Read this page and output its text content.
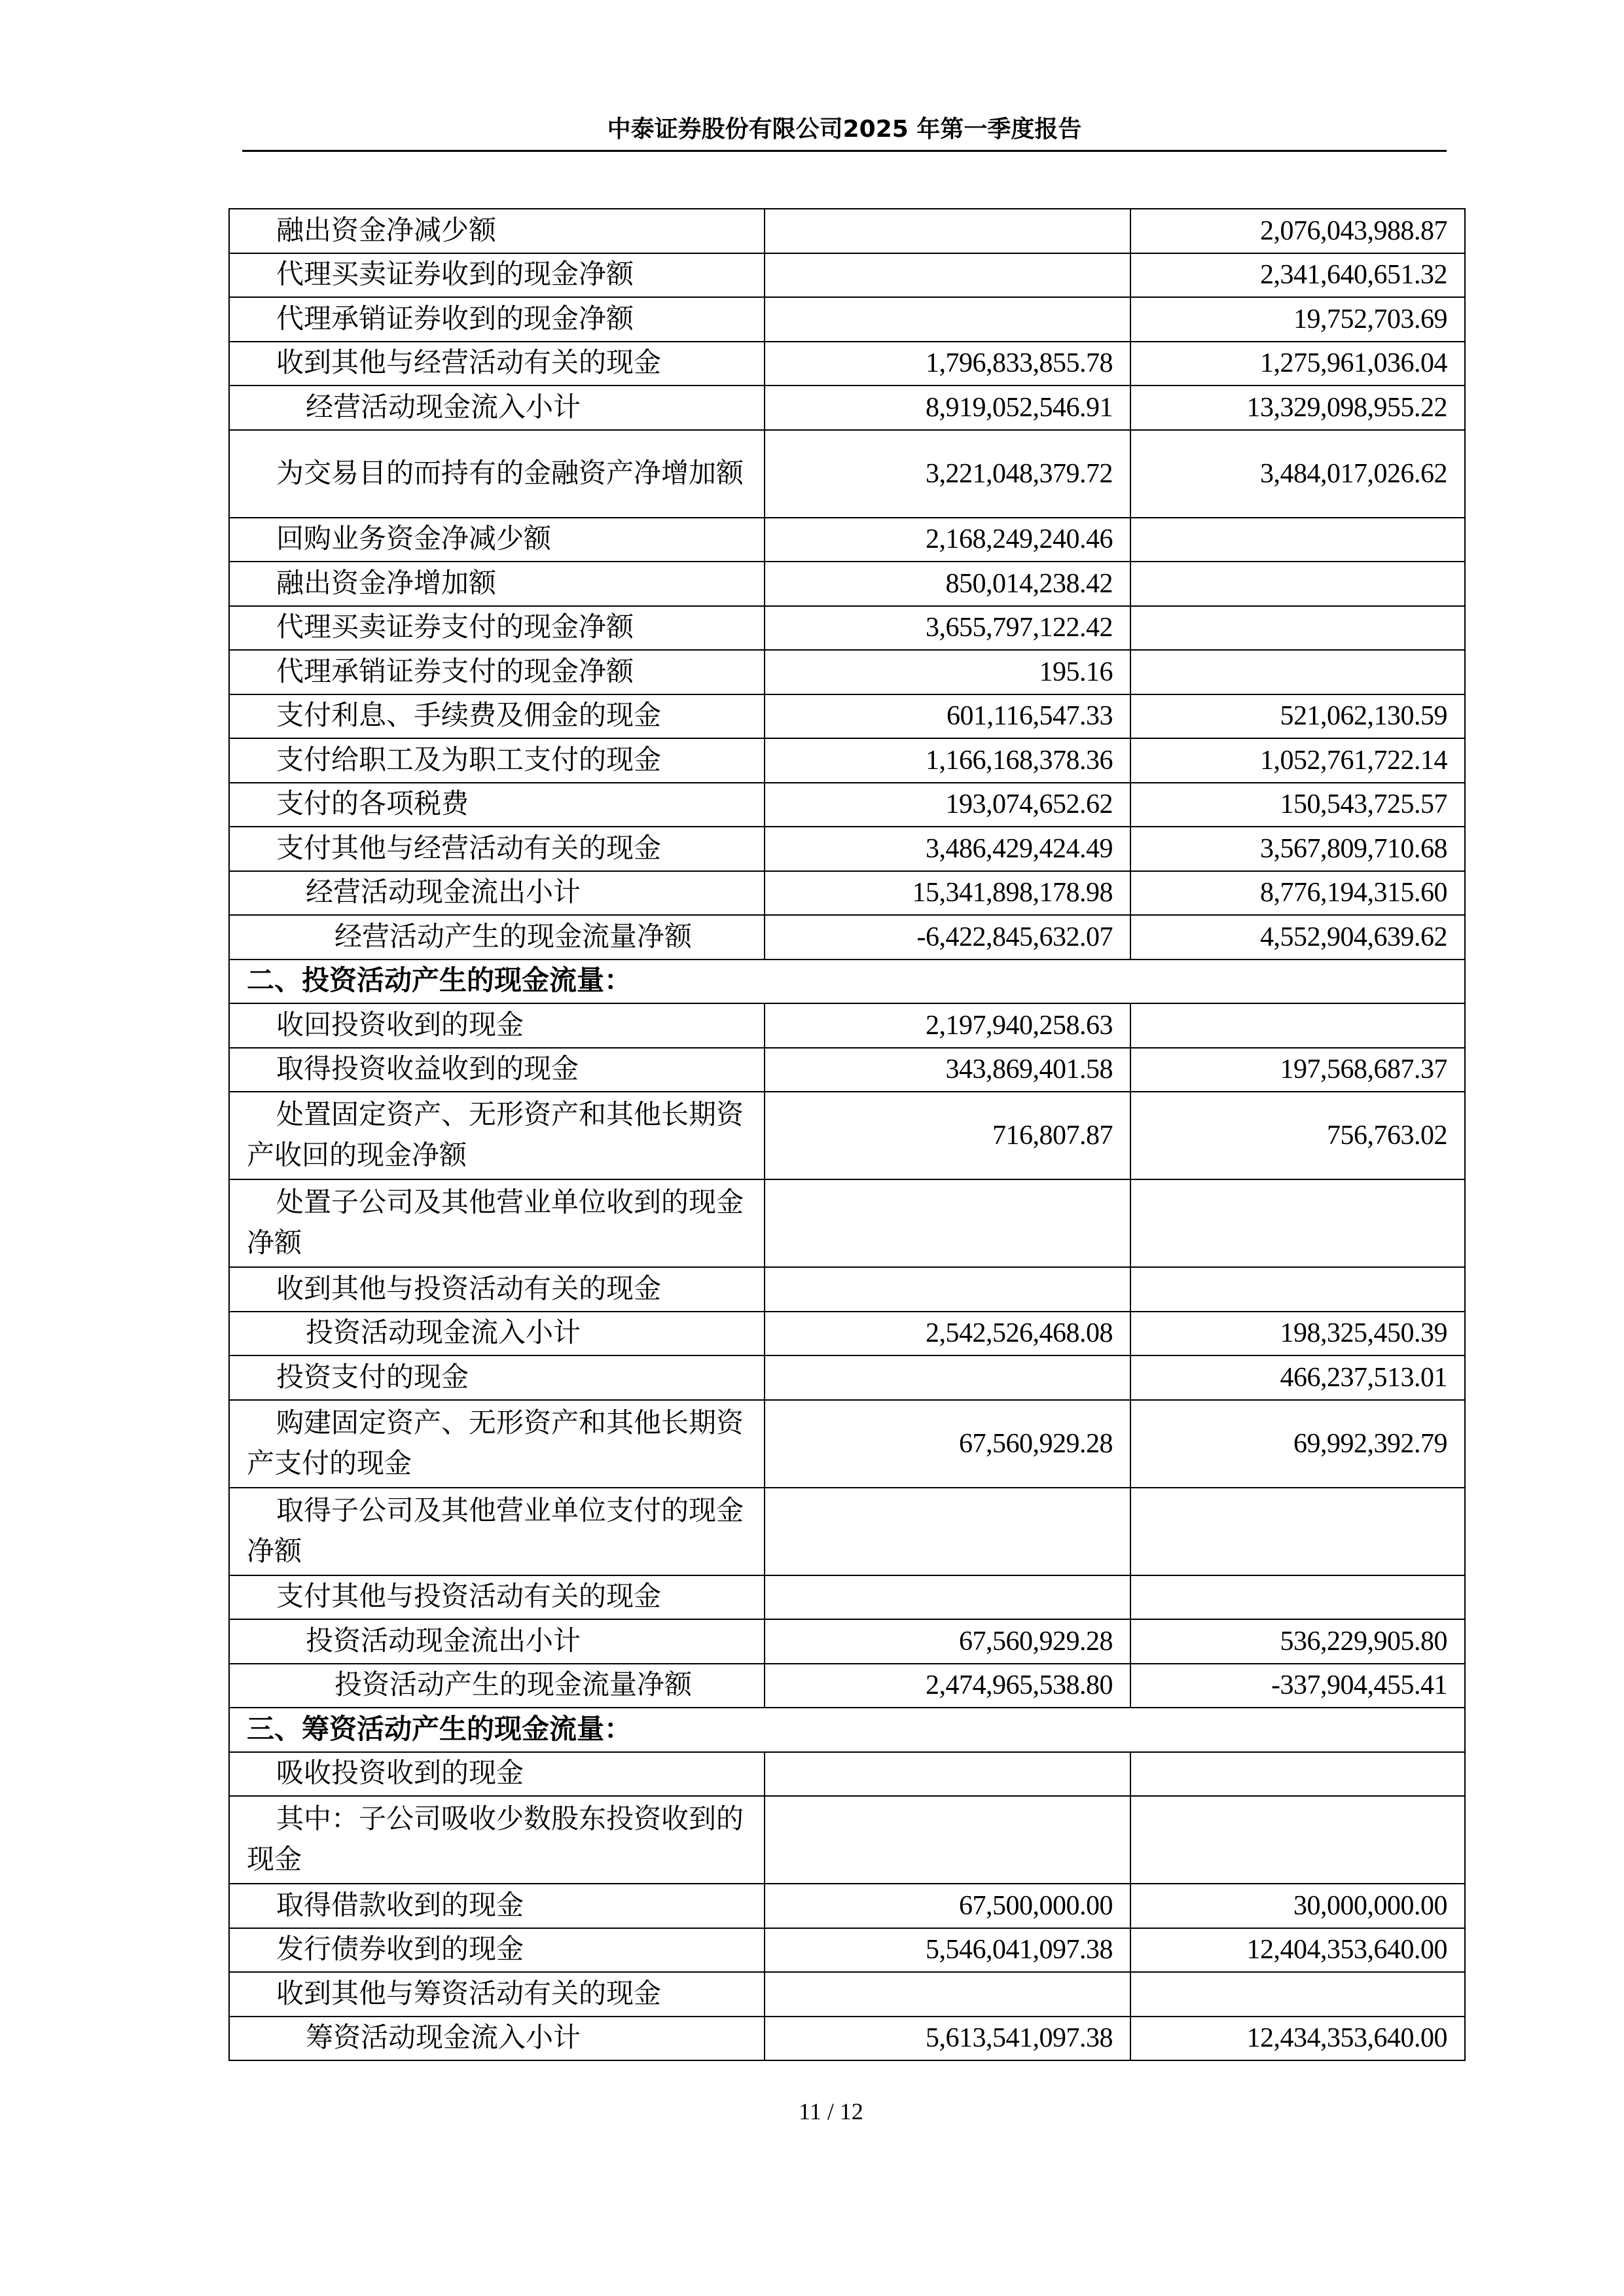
中泰证券股份有限公司2025 年第一季度报告
融出资金净减少额		2,076,043,988.87
代理买卖证券收到的现金净额		2,341,640,651.32
代理承销证券收到的现金净额		19,752,703.69
收到其他与经营活动有关的现金	1,796,833,855.78	1,275,961,036.04
经营活动现金流入小计	8,919,052,546.91	13,329,098,955.22
为交易目的而持有的金融资产净增加额	3,221,048,379.72	3,484,017,026.62
回购业务资金净减少额	2,168,249,240.46	
融出资金净增加额	850,014,238.42	
代理买卖证券支付的现金净额	3,655,797,122.42	
代理承销证券支付的现金净额	195.16	
支付利息、手续费及佣金的现金	601,116,547.33	521,062,130.59
支付给职工及为职工支付的现金	1,166,168,378.36	1,052,761,722.14
支付的各项税费	193,074,652.62	150,543,725.57
支付其他与经营活动有关的现金	3,486,429,424.49	3,567,809,710.68
经营活动现金流出小计	15,341,898,178.98	8,776,194,315.60
经营活动产生的现金流量净额	-6,422,845,632.07	4,552,904,639.62
二、投资活动产生的现金流量：		
收回投资收到的现金	2,197,940,258.63	
取得投资收益收到的现金	343,869,401.58	197,568,687.37
处置固定资产、无形资产和其他长期资产收回的现金净额	716,807.87	756,763.02
处置子公司及其他营业单位收到的现金净额		
收到其他与投资活动有关的现金		
投资活动现金流入小计	2,542,526,468.08	198,325,450.39
投资支付的现金		466,237,513.01
购建固定资产、无形资产和其他长期资产支付的现金	67,560,929.28	69,992,392.79
取得子公司及其他营业单位支付的现金净额		
支付其他与投资活动有关的现金		
投资活动现金流出小计	67,560,929.28	536,229,905.80
投资活动产生的现金流量净额	2,474,965,538.80	-337,904,455.41
三、筹资活动产生的现金流量：		
吸收投资收到的现金		
其中：子公司吸收少数股东投资收到的现金		
取得借款收到的现金	67,500,000.00	30,000,000.00
发行债券收到的现金	5,546,041,097.38	12,404,353,640.00
收到其他与筹资活动有关的现金		
筹资活动现金流入小计	5,613,541,097.38	12,434,353,640.00
11 / 12
